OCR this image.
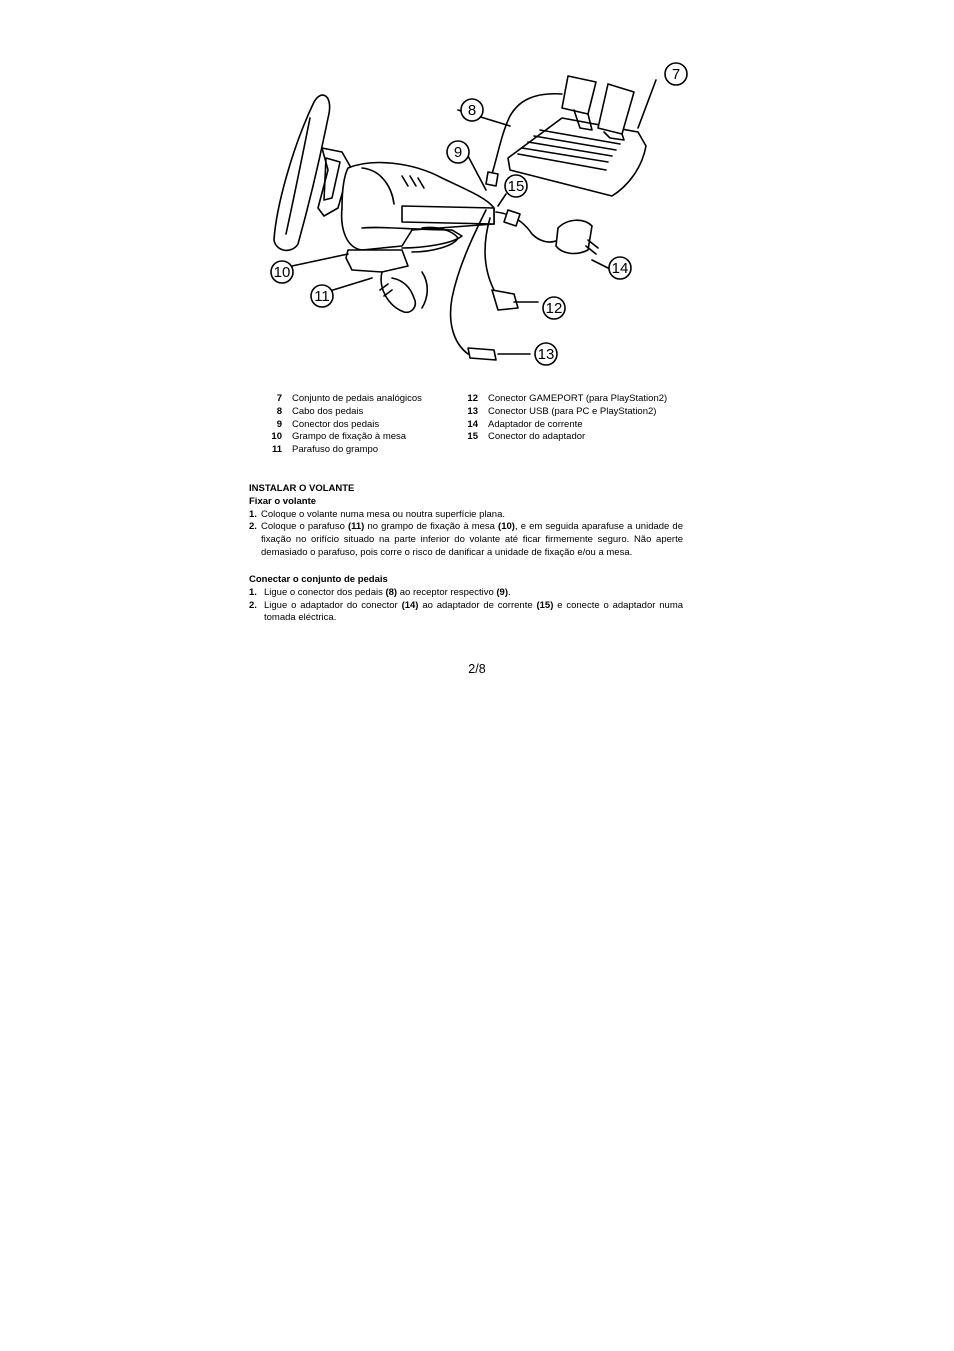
8
9
15
7
10
11
12
13
14
7 Conjunto de pedais analógicos
8 Cabo dos pedais
9 Conector dos pedais
10 Grampo de fixação à mesa
11 Parafuso do grampo
12 Conector GAMEPORT (para PlayStation2)
13 Conector USB (para PC e PlayStation2)
14 Adaptador de corrente
15 Conector do adaptador
INSTALAR O VOLANTE
Fixar o volante
1. Coloque o volante numa mesa ou noutra superfície plana.
2. Coloque o parafuso (11) no grampo de fixação à mesa (10), e em seguida aparafuse a unidade de fixação no orifício situado na parte inferior do volante até ficar firmemente seguro. Não aperte demasiado o parafuso, pois corre o risco de danificar a unidade de fixação e/ou a mesa.
Conectar o conjunto de pedais
1. Ligue o conector dos pedais (8) ao receptor respectivo (9).
2. Ligue o adaptador do conector (14) ao adaptador de corrente (15) e conecte o adaptador numa tomada eléctrica.
2/8
